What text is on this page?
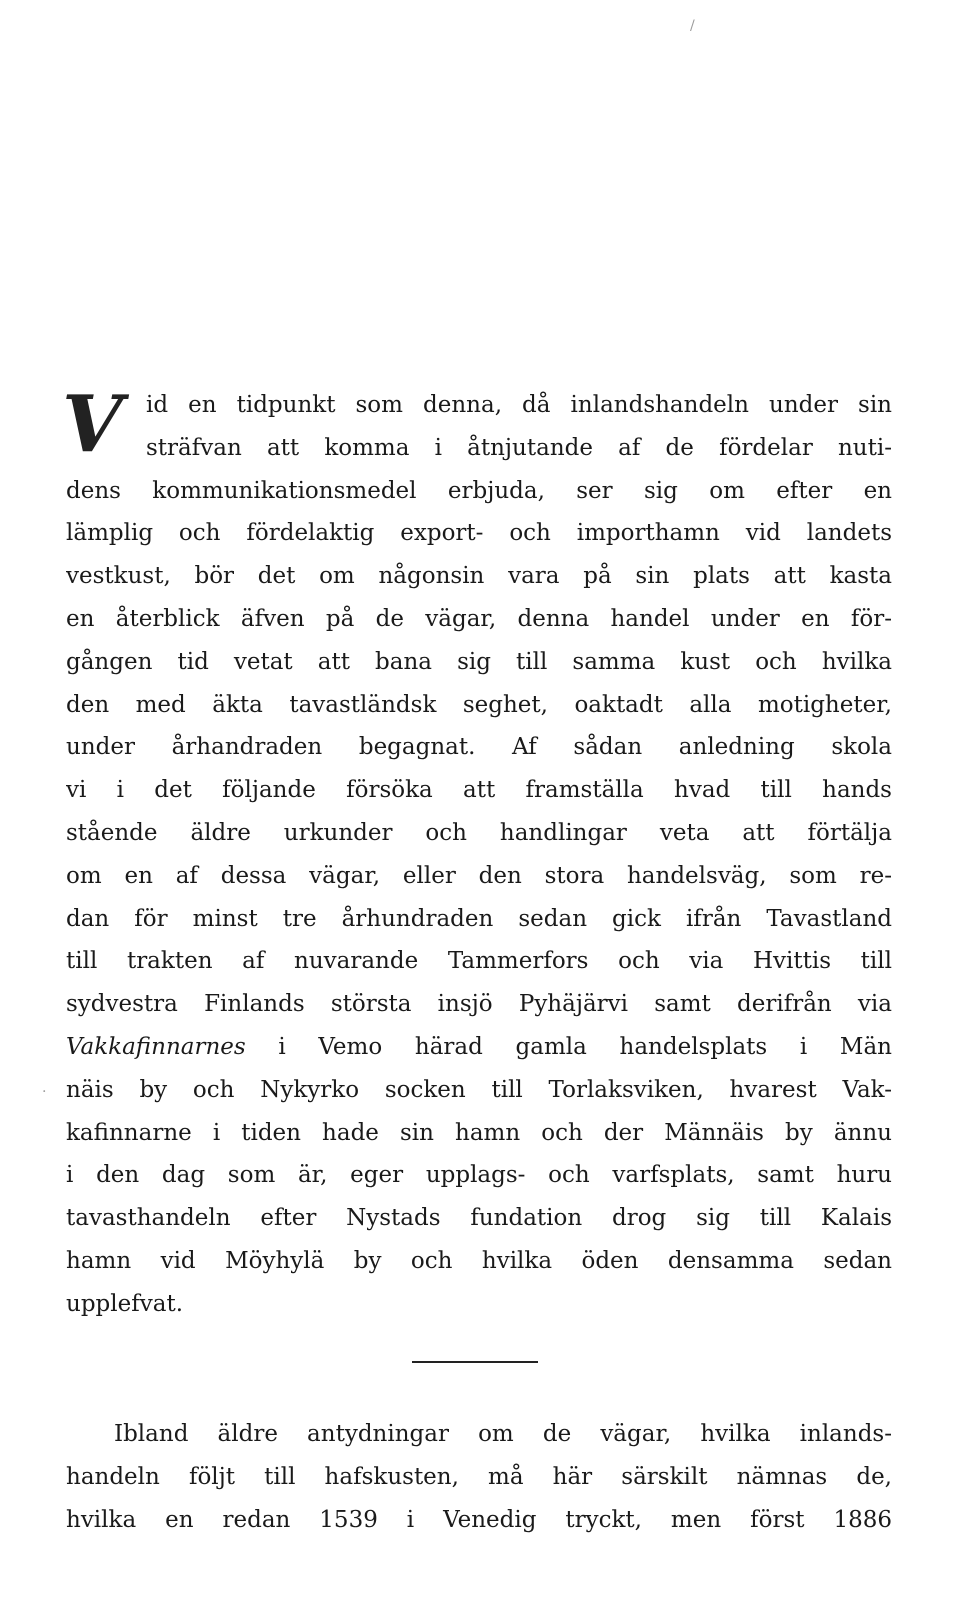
/
.
V	id en tidpunkt som denna, då inlandshandeln under sin
sträfvan att komma i åtnjutande af de fördelar nuti-
dens kommunikationsmedel erbjuda, ser sig om efter en
lämplig och fördelaktig export- och importhamn vid landets
vestkust, bör det om någonsin vara på sin plats att kasta
en återblick äfven på de vägar, denna handel under en för-
gången tid vetat att bana sig till samma kust och hvilka
den med äkta tavastländsk seghet, oaktadt alla motigheter,
under århandraden begagnat. Af sådan anledning skola
vi i det följande försöka att framställa hvad till hands
stående äldre urkunder och handlingar veta att förtälja
om en af dessa vägar, eller den stora handelsväg, som re-
dan för minst tre århundraden sedan gick ifrån Tavastland
till trakten af nuvarande Tammerfors och via Hvittis till
sydvestra Finlands största insjö Pyhäjärvi samt derifrån via
Vakkafinnarnes i Vemo härad gamla handelsplats i Män
näis by och Nykyrko socken till Torlaksviken, hvarest Vak-
kafinnarne i tiden hade sin hamn och der Männäis by ännu
i den dag som är, eger upplags- och varfsplats, samt huru
tavasthandeln efter Nystads fundation drog sig till Kalais
hamn vid Möyhylä by och hvilka öden densamma sedan
upplefvat.
Ibland äldre antydningar om de vägar, hvilka inlands-
handeln följt till hafskusten, må här särskilt nämnas de,
hvilka en redan 1539 i Venedig tryckt, men först 1886
